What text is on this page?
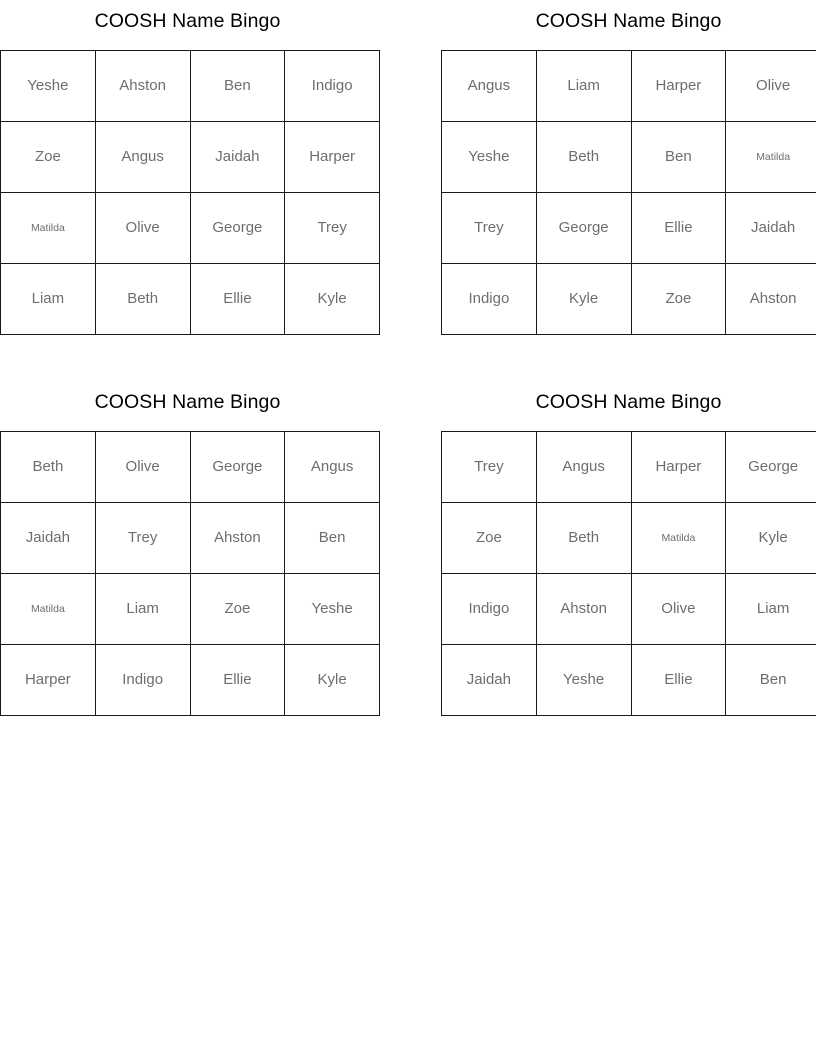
COOSH Name Bingo
Yeshe	Ahston	Ben	Indigo
Zoe	Angus	Jaidah	Harper
Matilda	Olive	George	Trey
Liam	Beth	Ellie	Kyle
COOSH Name Bingo
Angus	Liam	Harper	Olive
Yeshe	Beth	Ben	Matilda
Trey	George	Ellie	Jaidah
Indigo	Kyle	Zoe	Ahston
COOSH Name Bingo
Beth	Olive	George	Angus
Jaidah	Trey	Ahston	Ben
Matilda	Liam	Zoe	Yeshe
Harper	Indigo	Ellie	Kyle
COOSH Name Bingo
Trey	Angus	Harper	George
Zoe	Beth	Matilda	Kyle
Indigo	Ahston	Olive	Liam
Jaidah	Yeshe	Ellie	Ben
